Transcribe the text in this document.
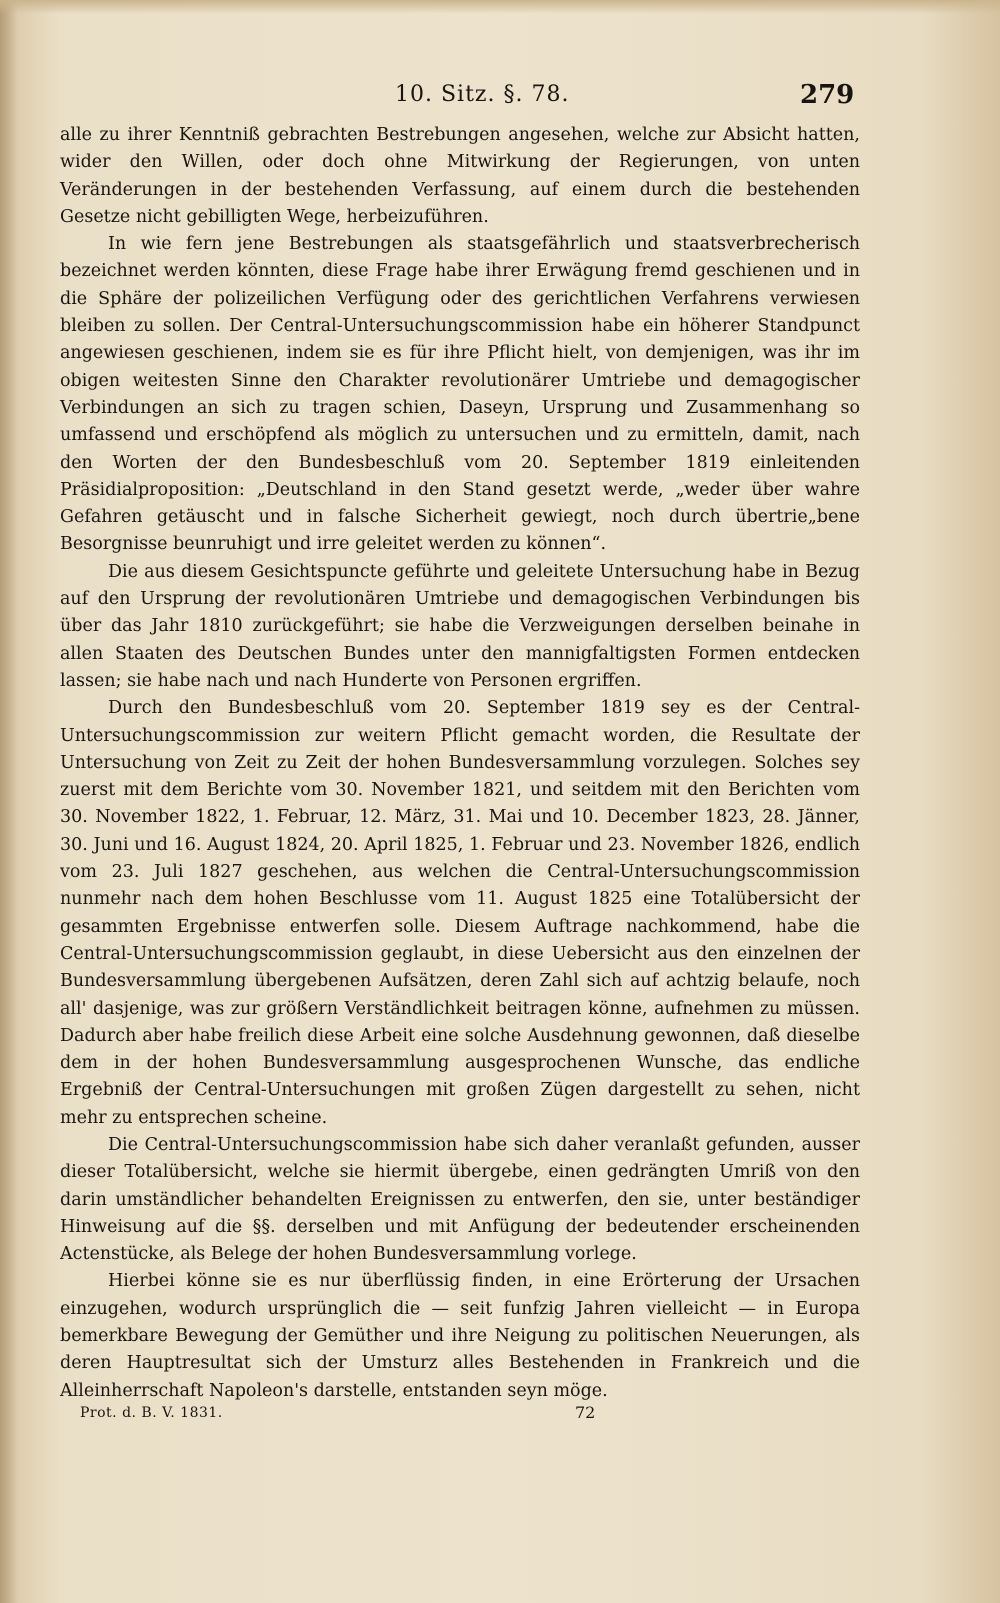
10. Sitz. §. 78.	279

alle zu ihrer Kenntniß gebrachten Bestrebungen angesehen, welche zur Absicht hatten, wider den Willen, oder doch ohne Mitwirkung der Regierungen, von unten Veränderungen in der bestehenden Verfassung, auf einem durch die bestehenden Gesetze nicht gebilligten Wege, herbeizuführen.

In wie fern jene Bestrebungen als staatsgefährlich und staatsverbrecherisch bezeichnet werden könnten, diese Frage habe ihrer Erwägung fremd geschienen und in die Sphäre der polizeilichen Verfügung oder des gerichtlichen Verfahrens verwiesen bleiben zu sollen. Der Central-Untersuchungscommission habe ein höherer Standpunct angewiesen geschienen, indem sie es für ihre Pflicht hielt, von demjenigen, was ihr im obigen weitesten Sinne den Charakter revolutionärer Umtriebe und demagogischer Verbindungen an sich zu tragen schien, Daseyn, Ursprung und Zusammenhang so umfassend und erschöpfend als möglich zu untersuchen und zu ermitteln, damit, nach den Worten der den Bundesbeschluß vom 20. September 1819 einleitenden Präsidialproposition: „Deutschland in den Stand gesetzt werde, „weder über wahre Gefahren getäuscht und in falsche Sicherheit gewiegt, noch durch übertrie„bene Besorgnisse beunruhigt und irre geleitet werden zu können“.

Die aus diesem Gesichtspuncte geführte und geleitete Untersuchung habe in Bezug auf den Ursprung der revolutionären Umtriebe und demagogischen Verbindungen bis über das Jahr 1810 zurückgeführt; sie habe die Verzweigungen derselben beinahe in allen Staaten des Deutschen Bundes unter den mannigfaltigsten Formen entdecken lassen; sie habe nach und nach Hunderte von Personen ergriffen.

Durch den Bundesbeschluß vom 20. September 1819 sey es der Central-Untersuchungscommission zur weitern Pflicht gemacht worden, die Resultate der Untersuchung von Zeit zu Zeit der hohen Bundesversammlung vorzulegen. Solches sey zuerst mit dem Berichte vom 30. November 1821, und seitdem mit den Berichten vom 30. November 1822, 1. Februar, 12. März, 31. Mai und 10. December 1823, 28. Jänner, 30. Juni und 16. August 1824, 20. April 1825, 1. Februar und 23. November 1826, endlich vom 23. Juli 1827 geschehen, aus welchen die Central-Untersuchungscommission nunmehr nach dem hohen Beschlusse vom 11. August 1825 eine Totalübersicht der gesammten Ergebnisse entwerfen solle. Diesem Auftrage nachkommend, habe die Central-Untersuchungscommission geglaubt, in diese Uebersicht aus den einzelnen der Bundesversammlung übergebenen Aufsätzen, deren Zahl sich auf achtzig belaufe, noch all' dasjenige, was zur größern Verständlichkeit beitragen könne, aufnehmen zu müssen. Dadurch aber habe freilich diese Arbeit eine solche Ausdehnung gewonnen, daß dieselbe dem in der hohen Bundesversammlung ausgesprochenen Wunsche, das endliche Ergebniß der Central-Untersuchungen mit großen Zügen dargestellt zu sehen, nicht mehr zu entsprechen scheine.

Die Central-Untersuchungscommission habe sich daher veranlaßt gefunden, ausser dieser Totalübersicht, welche sie hiermit übergebe, einen gedrängten Umriß von den darin umständlicher behandelten Ereignissen zu entwerfen, den sie, unter beständiger Hinweisung auf die §§. derselben und mit Anfügung der bedeutender erscheinenden Actenstücke, als Belege der hohen Bundesversammlung vorlege.

Hierbei könne sie es nur überflüssig finden, in eine Erörterung der Ursachen einzugehen, wodurch ursprünglich die — seit funfzig Jahren vielleicht — in Europa bemerkbare Bewegung der Gemüther und ihre Neigung zu politischen Neuerungen, als deren Hauptresultat sich der Umsturz alles Bestehenden in Frankreich und die Alleinherrschaft Napoleon's darstelle, entstanden seyn möge.

Prot. d. B. V. 1831.	72
